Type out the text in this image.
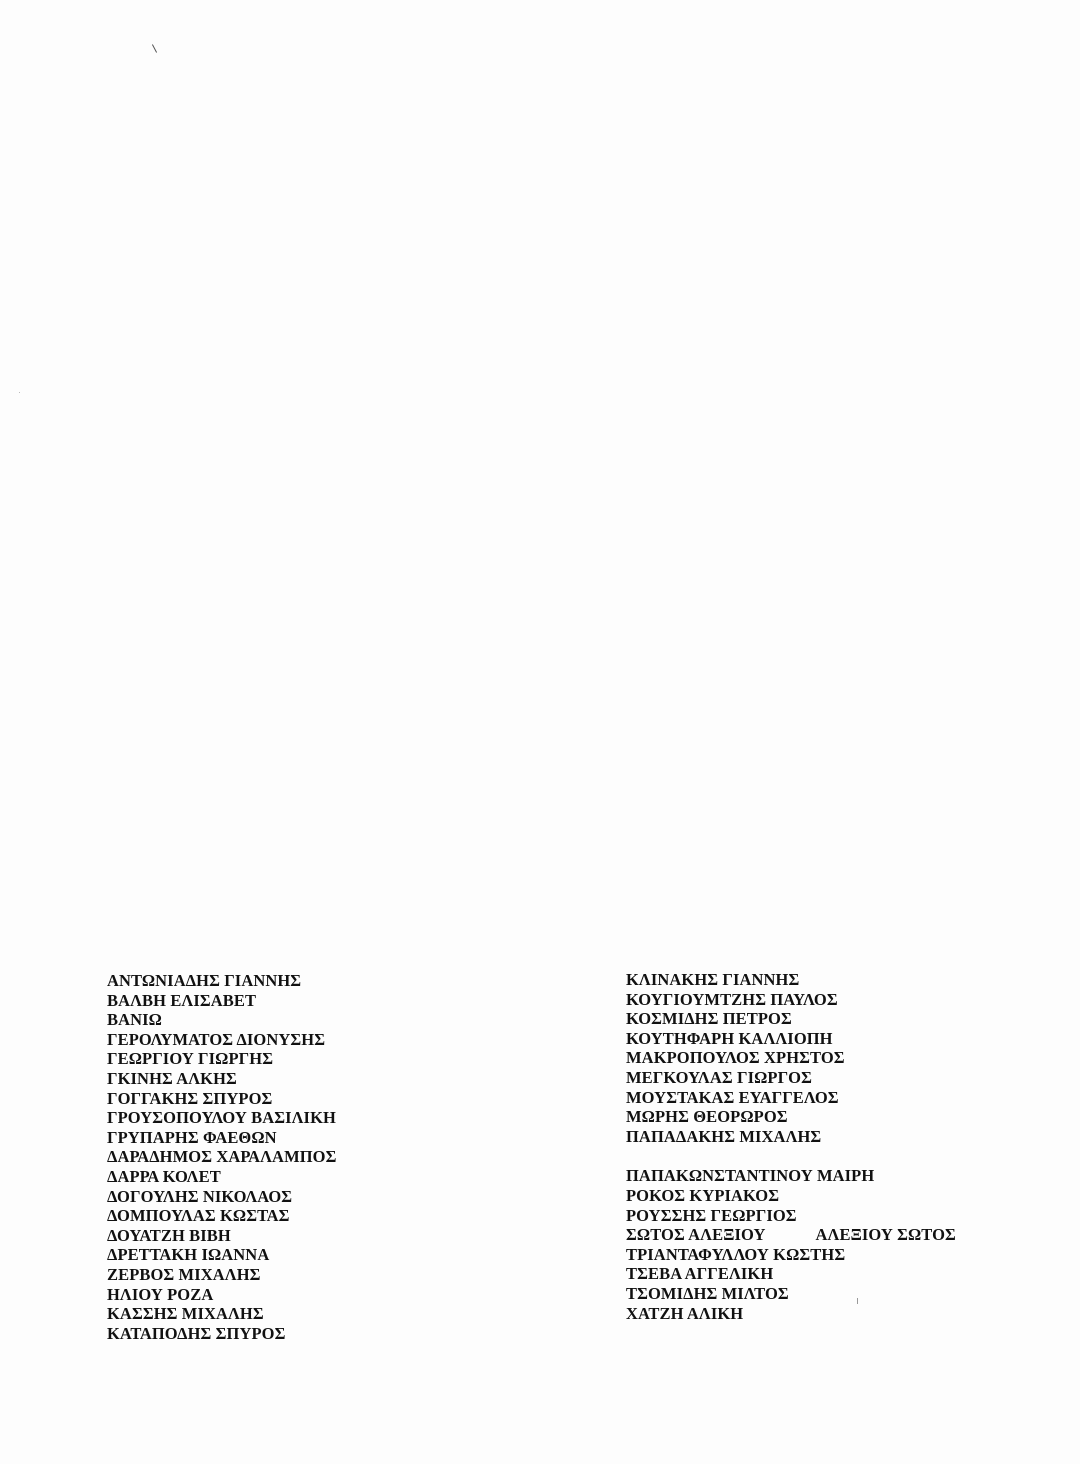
ΑΝΤΩΝΙΑΔΗΣ ΓΙΑΝΝΗΣ
ΒΑΛΒΗ ΕΛΙΣΑΒΕΤ
ΒΑΝΙΩ
ΓΕΡΟΛΥΜΑΤΟΣ ΔΙΟΝΥΣΗΣ
ΓΕΩΡΓΙΟΥ ΓΙΩΡΓΗΣ
ΓΚΙΝΗΣ ΑΛΚΗΣ
ΓΟΓΓΑΚΗΣ ΣΠΥΡΟΣ
ΓΡΟΥΣΟΠΟΥΛΟΥ ΒΑΣΙΛΙΚΗ
ΓΡΥΠΑΡΗΣ ΦΑΕΘΩΝ
ΔΑΡΑΔΗΜΟΣ ΧΑΡΑΛΑΜΠΟΣ
ΔΑΡΡΑ ΚΟΛΕΤ
ΔΟΓΟΥΛΗΣ ΝΙΚΟΛΑΟΣ
ΔΟΜΠΟΥΛΑΣ ΚΩΣΤΑΣ
ΔΟΥΑΤΖΗ ΒΙΒΗ
ΔΡΕΤΤΑΚΗ ΙΩΑΝΝΑ
ΖΕΡΒΟΣ ΜΙΧΑΛΗΣ
ΗΛΙΟΥ ΡΟΖΑ
ΚΑΣΣΗΣ ΜΙΧΑΛΗΣ
ΚΑΤΑΠΟΔΗΣ ΣΠΥΡΟΣ
ΚΛΙΝΑΚΗΣ ΓΙΑΝΝΗΣ
ΚΟΥΓΙΟΥΜΤΖΗΣ ΠΑΥΛΟΣ
ΚΟΣΜΙΔΗΣ ΠΕΤΡΟΣ
ΚΟΥΤΗΦΑΡΗ ΚΑΛΛΙΟΠΗ
ΜΑΚΡΟΠΟΥΛΟΣ ΧΡΗΣΤΟΣ
ΜΕΓΚΟΥΛΑΣ ΓΙΩΡΓΟΣ
ΜΟΥΣΤΑΚΑΣ ΕΥΑΓΓΕΛΟΣ
ΜΩΡΗΣ ΘΕΟΡΩΡΟΣ
ΠΑΠΑΔΑΚΗΣ ΜΙΧΑΛΗΣ
ΠΑΠΑΚΩΝΣΤΑΝΤΙΝΟΥ ΜΑΙΡΗ
ΡΟΚΟΣ ΚΥΡΙΑΚΟΣ
ΡΟΥΣΣΗΣ ΓΕΩΡΓΙΟΣ
ΣΩΤΟΣ ΑΛΕΞΙΟΥ	ΑΛΕΞΙΟΥ ΣΩΤΟΣ
ΤΡΙΑΝΤΑΦΥΛΛΟΥ ΚΩΣΤΗΣ
ΤΣΕΒΑ ΑΓΓΕΛΙΚΗ
ΤΣΟΜΙΔΗΣ ΜΙΛΤΟΣ
ΧΑΤΖΗ ΑΛΙΚΗ
